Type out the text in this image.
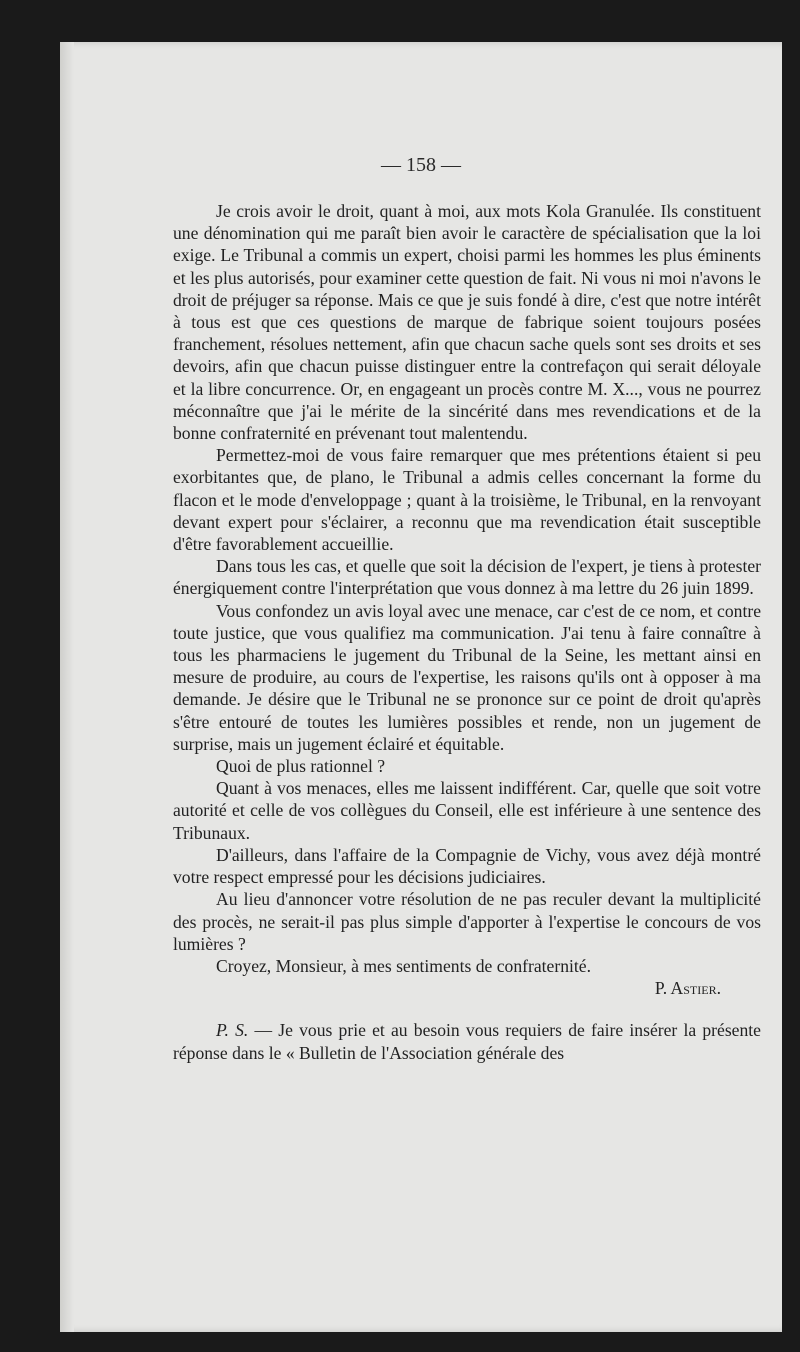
— 158 —

Je crois avoir le droit, quant à moi, aux mots Kola Granulée. Ils constituent une dénomination qui me paraît bien avoir le caractère de spécialisation que la loi exige. Le Tribunal a commis un expert, choisi parmi les hommes les plus éminents et les plus autorisés, pour examiner cette question de fait. Ni vous ni moi n'avons le droit de préjuger sa réponse. Mais ce que je suis fondé à dire, c'est que notre intérêt à tous est que ces questions de marque de fabrique soient toujours posées franchement, résolues nettement, afin que chacun sache quels sont ses droits et ses devoirs, afin que chacun puisse distinguer entre la contrefaçon qui serait déloyale et la libre concurrence. Or, en engageant un procès contre M. X..., vous ne pourrez méconnaître que j'ai le mérite de la sincérité dans mes revendications et de la bonne confraternité en prévenant tout malentendu.

Permettez-moi de vous faire remarquer que mes prétentions étaient si peu exorbitantes que, de plano, le Tribunal a admis celles concernant la forme du flacon et le mode d'enveloppage ; quant à la troisième, le Tribunal, en la renvoyant devant expert pour s'éclairer, a reconnu que ma revendication était susceptible d'être favorablement accueillie.

Dans tous les cas, et quelle que soit la décision de l'expert, je tiens à protester énergiquement contre l'interprétation que vous donnez à ma lettre du 26 juin 1899.

Vous confondez un avis loyal avec une menace, car c'est de ce nom, et contre toute justice, que vous qualifiez ma communication. J'ai tenu à faire connaître à tous les pharmaciens le jugement du Tribunal de la Seine, les mettant ainsi en mesure de produire, au cours de l'expertise, les raisons qu'ils ont à opposer à ma demande. Je désire que le Tribunal ne se prononce sur ce point de droit qu'après s'être entouré de toutes les lumières possibles et rende, non un jugement de surprise, mais un jugement éclairé et équitable.

Quoi de plus rationnel ?

Quant à vos menaces, elles me laissent indifférent. Car, quelle que soit votre autorité et celle de vos collègues du Conseil, elle est inférieure à une sentence des Tribunaux.

D'ailleurs, dans l'affaire de la Compagnie de Vichy, vous avez déjà montré votre respect empressé pour les décisions judiciaires.

Au lieu d'annoncer votre résolution de ne pas reculer devant la multiplicité des procès, ne serait-il pas plus simple d'apporter à l'expertise le concours de vos lumières ?

Croyez, Monsieur, à mes sentiments de confraternité.

P. Astier.

P. S. — Je vous prie et au besoin vous requiers de faire insérer la présente réponse dans le « Bulletin de l'Association générale des
